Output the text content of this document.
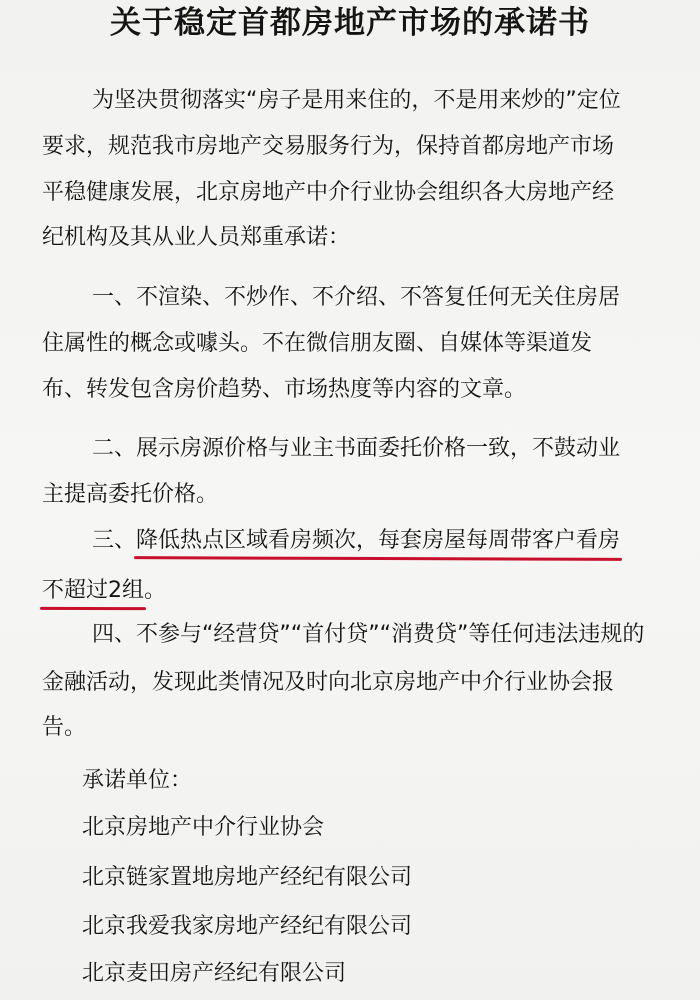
关于稳定首都房地产市场的承诺书

为坚决贯彻落实“房子是用来住的，不是用来炒的”定位

要求，规范我市房地产交易服务行为，保持首都房地产市场

平稳健康发展，北京房地产中介行业协会组织各大房地产经

纪机构及其从业人员郑重承诺：

一、不渲染、不炒作、不介绍、不答复任何无关住房居

住属性的概念或噱头。不在微信朋友圈、自媒体等渠道发

布、转发包含房价趋势、市场热度等内容的文章。

二、展示房源价格与业主书面委托价格一致，不鼓动业

主提高委托价格。

三、降低热点区域看房频次，每套房屋每周带客户看房

不超过2组。

四、不参与“经营贷”“首付贷”“消费贷”等任何违法违规的

金融活动，发现此类情况及时向北京房地产中介行业协会报

告。

承诺单位：

北京房地产中介行业协会

北京链家置地房地产经纪有限公司

北京我爱我家房地产经纪有限公司

北京麦田房产经纪有限公司
